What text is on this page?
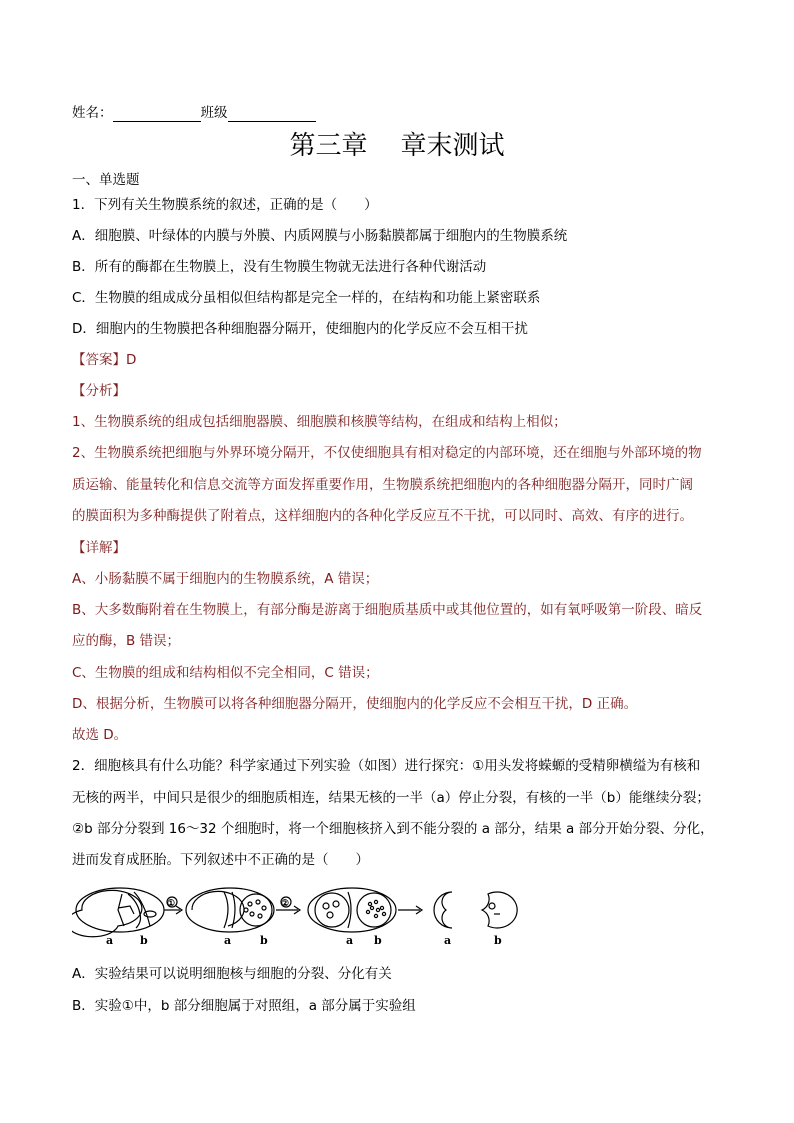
姓名：	班级
第三章    章末测试
一、单选题
1．下列有关生物膜系统的叙述，正确的是（　　）
A．细胞膜、叶绿体的内膜与外膜、内质网膜与小肠黏膜都属于细胞内的生物膜系统
B．所有的酶都在生物膜上，没有生物膜生物就无法进行各种代谢活动
C．生物膜的组成成分虽相似但结构都是完全一样的，在结构和功能上紧密联系
D．细胞内的生物膜把各种细胞器分隔开，使细胞内的化学反应不会互相干扰
【答案】D
【分析】
1、生物膜系统的组成包括细胞器膜、细胞膜和核膜等结构，在组成和结构上相似；
2、生物膜系统把细胞与外界环境分隔开，不仅使细胞具有相对稳定的内部环境，还在细胞与外部环境的物
质运输、能量转化和信息交流等方面发挥重要作用，生物膜系统把细胞内的各种细胞器分隔开，同时广阔
的膜面积为多种酶提供了附着点，这样细胞内的各种化学反应互不干扰，可以同时、高效、有序的进行。
【详解】
A、小肠黏膜不属于细胞内的生物膜系统，A 错误；
B、大多数酶附着在生物膜上，有部分酶是游离于细胞质基质中或其他位置的，如有氧呼吸第一阶段、暗反
应的酶，B 错误；
C、生物膜的组成和结构相似不完全相同，C 错误；
D、根据分析，生物膜可以将各种细胞器分隔开，使细胞内的化学反应不会相互干扰，D 正确。
故选 D。
2．细胞核具有什么功能？科学家通过下列实验（如图）进行探究：①用头发将蝾螈的受精卵横缢为有核和
无核的两半，中间只是很少的细胞质相连，结果无核的一半（a）停止分裂，有核的一半（b）能继续分裂；
②b 部分分裂到 16～32 个细胞时，将一个细胞核挤入到不能分裂的 a 部分，结果 a 部分开始分裂、分化，
进而发育成胚胎。下列叙述中不正确的是（　　）
a b
①
a	b
②
a b	a	b
A．实验结果可以说明细胞核与细胞的分裂、分化有关
B．实验①中，b 部分细胞属于对照组，a 部分属于实验组
